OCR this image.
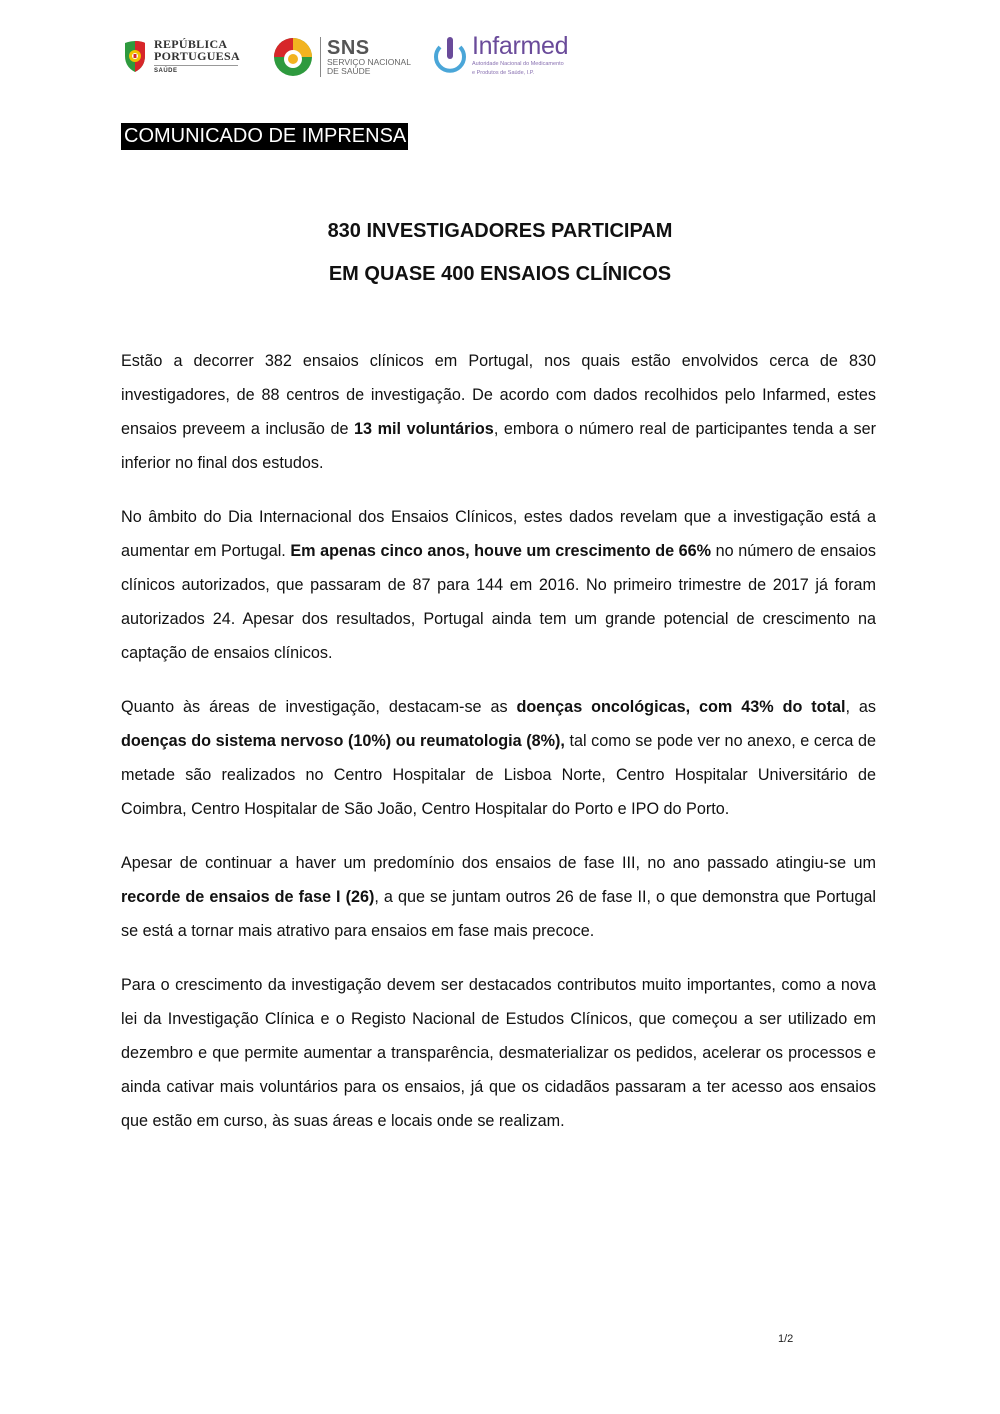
REPÚBLICA
PORTUGUESA
SAÚDE
SNS
SERVIÇO NACIONAL
DE SAÚDE
Infarmed
Autoridade Nacional do Medicamento
e Produtos de Saúde, I.P.
COMUNICADO DE IMPRENSA
830 INVESTIGADORES PARTICIPAM
EM QUASE 400 ENSAIOS CLÍNICOS

Estão a decorrer 382 ensaios clínicos em Portugal, nos quais estão envolvidos cerca de 830 investigadores, de 88 centros de investigação. De acordo com dados recolhidos pelo Infarmed, estes ensaios preveem a inclusão de 13 mil voluntários, embora o número real de participantes tenda a ser inferior no final dos estudos.

No âmbito do Dia Internacional dos Ensaios Clínicos, estes dados revelam que a investigação está a aumentar em Portugal. Em apenas cinco anos, houve um crescimento de 66% no número de ensaios clínicos autorizados, que passaram de 87 para 144 em 2016. No primeiro trimestre de 2017 já foram autorizados 24. Apesar dos resultados, Portugal ainda tem um grande potencial de crescimento na captação de ensaios clínicos.

Quanto às áreas de investigação, destacam-se as doenças oncológicas, com 43% do total, as doenças do sistema nervoso (10%) ou reumatologia (8%), tal como se pode ver no anexo, e cerca de metade são realizados no Centro Hospitalar de Lisboa Norte, Centro Hospitalar Universitário de Coimbra, Centro Hospitalar de São João, Centro Hospitalar do Porto e IPO do Porto.

Apesar de continuar a haver um predomínio dos ensaios de fase III, no ano passado atingiu-se um recorde de ensaios de fase I (26), a que se juntam outros 26 de fase II, o que demonstra que Portugal se está a tornar mais atrativo para ensaios em fase mais precoce.

Para o crescimento da investigação devem ser destacados contributos muito importantes, como a nova lei da Investigação Clínica e o Registo Nacional de Estudos Clínicos, que começou a ser utilizado em dezembro e que permite aumentar a transparência, desmaterializar os pedidos, acelerar os processos e ainda cativar mais voluntários para os ensaios, já que os cidadãos passaram a ter acesso aos ensaios que estão em curso, às suas áreas e locais onde se realizam.

1/2
